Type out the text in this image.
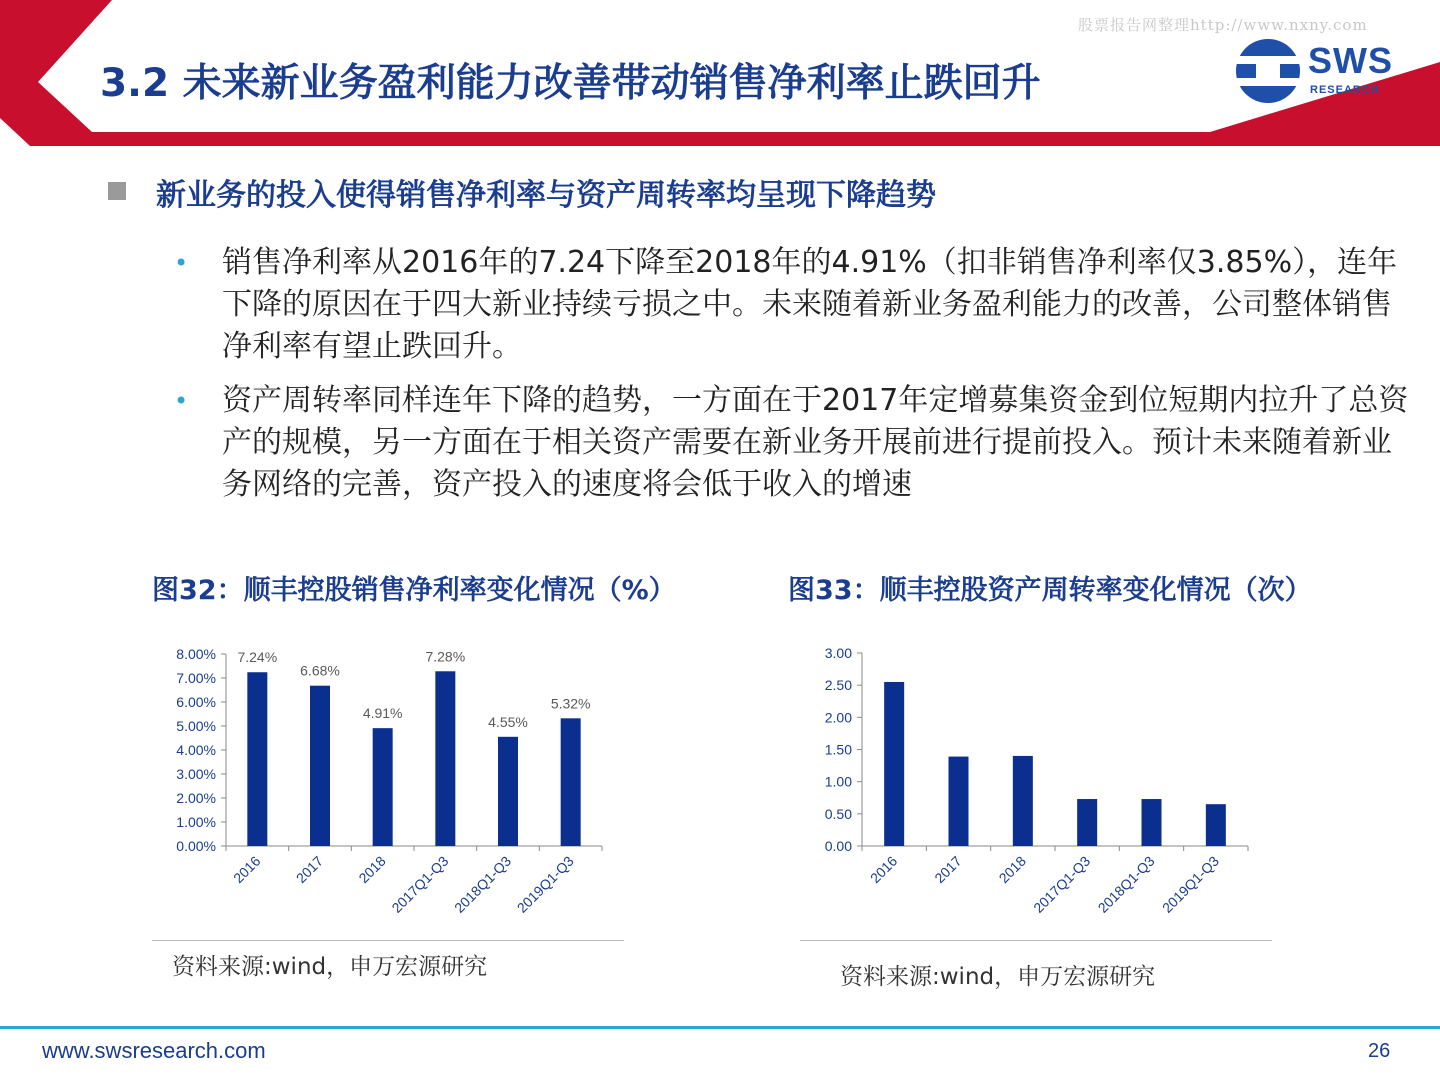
股票报告网整理http://www.nxny.com
3.2 未来新业务盈利能力改善带动销售净利率止跌回升
SWS
RESEARCH
新业务的投入使得销售净利率与资产周转率均呈现下降趋势
• 销售净利率从2016年的7.24下降至2018年的4.91%（扣非销售净利率仅3.85%），连年下降的原因在于四大新业持续亏损之中。未来随着新业务盈利能力的改善，公司整体销售净利率有望止跌回升。
• 资产周转率同样连年下降的趋势，一方面在于2017年定增募集资金到位短期内拉升了总资产的规模，另一方面在于相关资产需要在新业务开展前进行提前投入。预计未来随着新业务网络的完善，资产投入的速度将会低于收入的增速
图32：顺丰控股销售净利率变化情况（%）
0.00%
1.00%
2.00%
3.00%
4.00%
5.00%
6.00%
7.00%
8.00% 7.24%
2016
6.68%
2017
4.91%
2018
7.28%
2017Q1-Q3
4.55%
2018Q1-Q3
5.32%
2019Q1-Q3
资料来源:wind，申万宏源研究
图33：顺丰控股资产周转率变化情况（次）
0.00
0.50
1.00
1.50
2.00
2.50
3.00
2016 2017 2018 2017Q1-Q3 2018Q1-Q3 2019Q1-Q3
资料来源:wind，申万宏源研究
www.swsresearch.com	26
